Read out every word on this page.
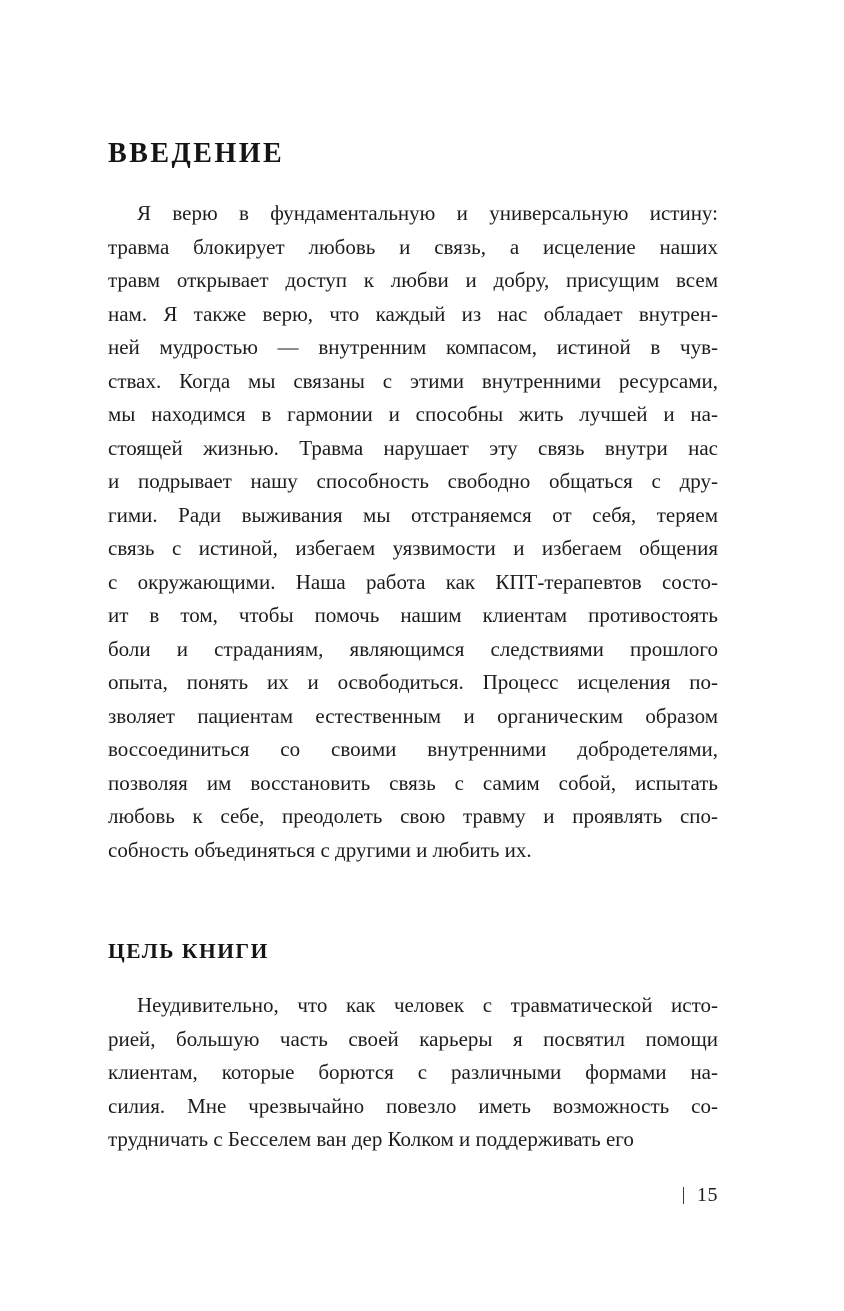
ВВЕДЕНИЕ
Я верю в фундаментальную и универсальную истину:
травма блокирует любовь и связь, а исцеление наших
травм открывает доступ к любви и добру, присущим всем
нам. Я также верю, что каждый из нас обладает внутрен-
ней мудростью — внутренним компасом, истиной в чув-
ствах. Когда мы связаны с этими внутренними ресурсами,
мы находимся в гармонии и способны жить лучшей и на-
стоящей жизнью. Травма нарушает эту связь внутри нас
и подрывает нашу способность свободно общаться с дру-
гими. Ради выживания мы отстраняемся от себя, теряем
связь с истиной, избегаем уязвимости и избегаем общения
с окружающими. Наша работа как КПТ-терапевтов состо-
ит в том, чтобы помочь нашим клиентам противостоять
боли и страданиям, являющимся следствиями прошлого
опыта, понять их и освободиться. Процесс исцеления по-
зволяет пациентам естественным и органическим образом
воссоединиться со своими внутренними добродетелями,
позволяя им восстановить связь с самим собой, испытать
любовь к себе, преодолеть свою травму и проявлять спо-
собность объединяться с другими и любить их.
ЦЕЛЬ КНИГИ
Неудивительно, что как человек с травматической исто-
рией, большую часть своей карьеры я посвятил помощи
клиентам, которые борются с различными формами на-
силия. Мне чрезвычайно повезло иметь возможность со-
трудничать с Бесселем ван дер Колком и поддерживать его
15
